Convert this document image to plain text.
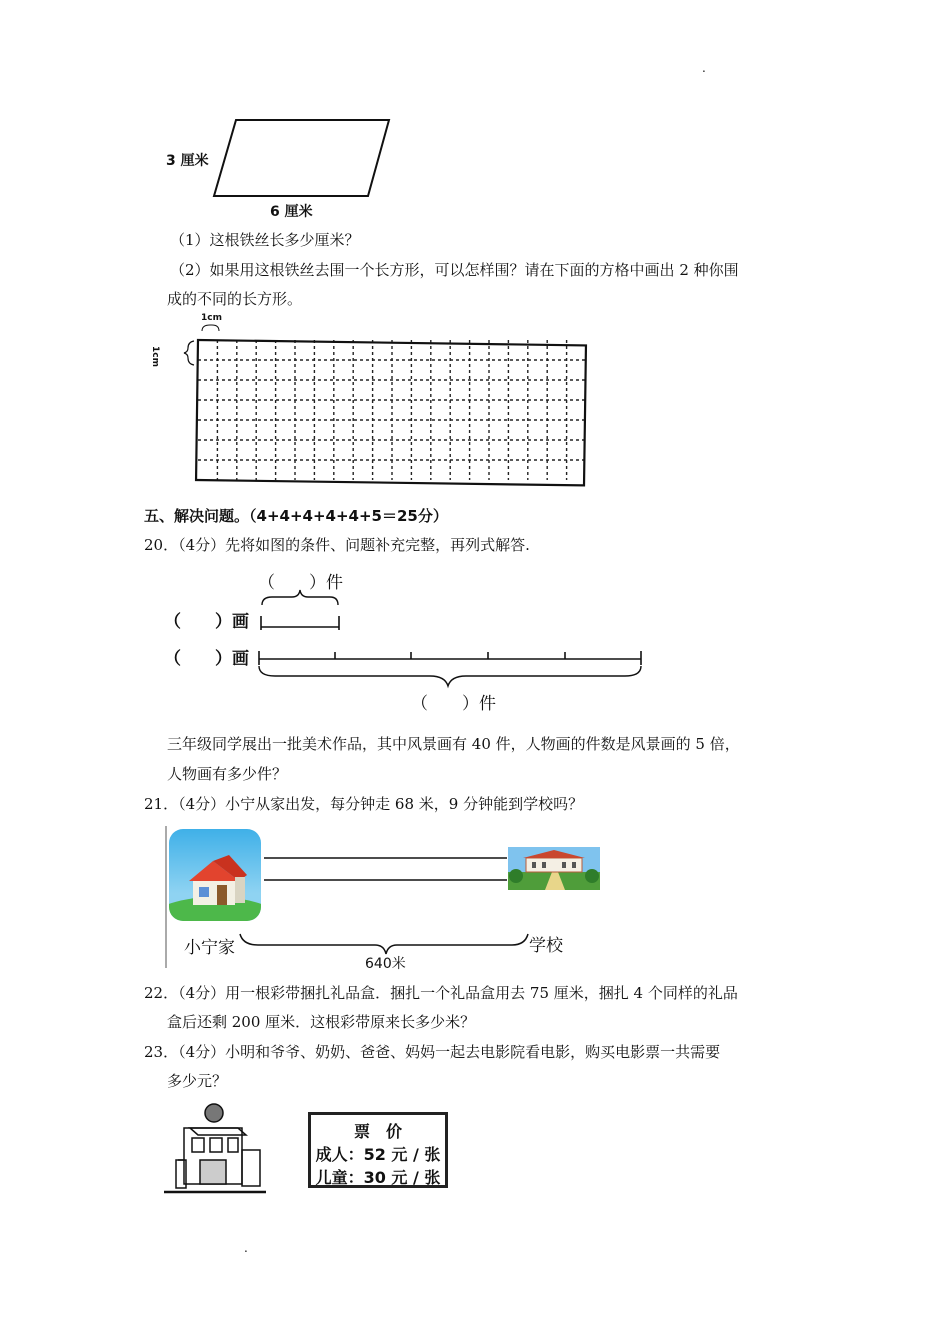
.
.
3 厘米
6 厘米
（1）这根铁丝长多少厘米？
（2）如果用这根铁丝去围一个长方形，可以怎样围？请在下面的方格中画出 2 种你围
成的不同的长方形。
1cm
1cm
五、解决问题。（4+4+4+4+4+5＝25分）
20．（4分）先将如图的条件、问题补充完整，再列式解答.
（　　）件
（　　）画
（　　）画
（　　）件
三年级同学展出一批美术作品，其中风景画有 40 件，人物画的件数是风景画的 5 倍，
人物画有多少件？
21．（4分）小宁从家出发，每分钟走 68 米，9 分钟能到学校吗？
小宁家	学校
640米
22．（4分）用一根彩带捆扎礼品盒．捆扎一个礼品盒用去 75 厘米，捆扎 4 个同样的礼品
盒后还剩 200 厘米．这根彩带原来长多少米？
23．（4分）小明和爷爷、奶奶、爸爸、妈妈一起去电影院看电影，购买电影票一共需要
多少元？
票　价
成人：52 元 / 张
儿童：30 元 / 张
